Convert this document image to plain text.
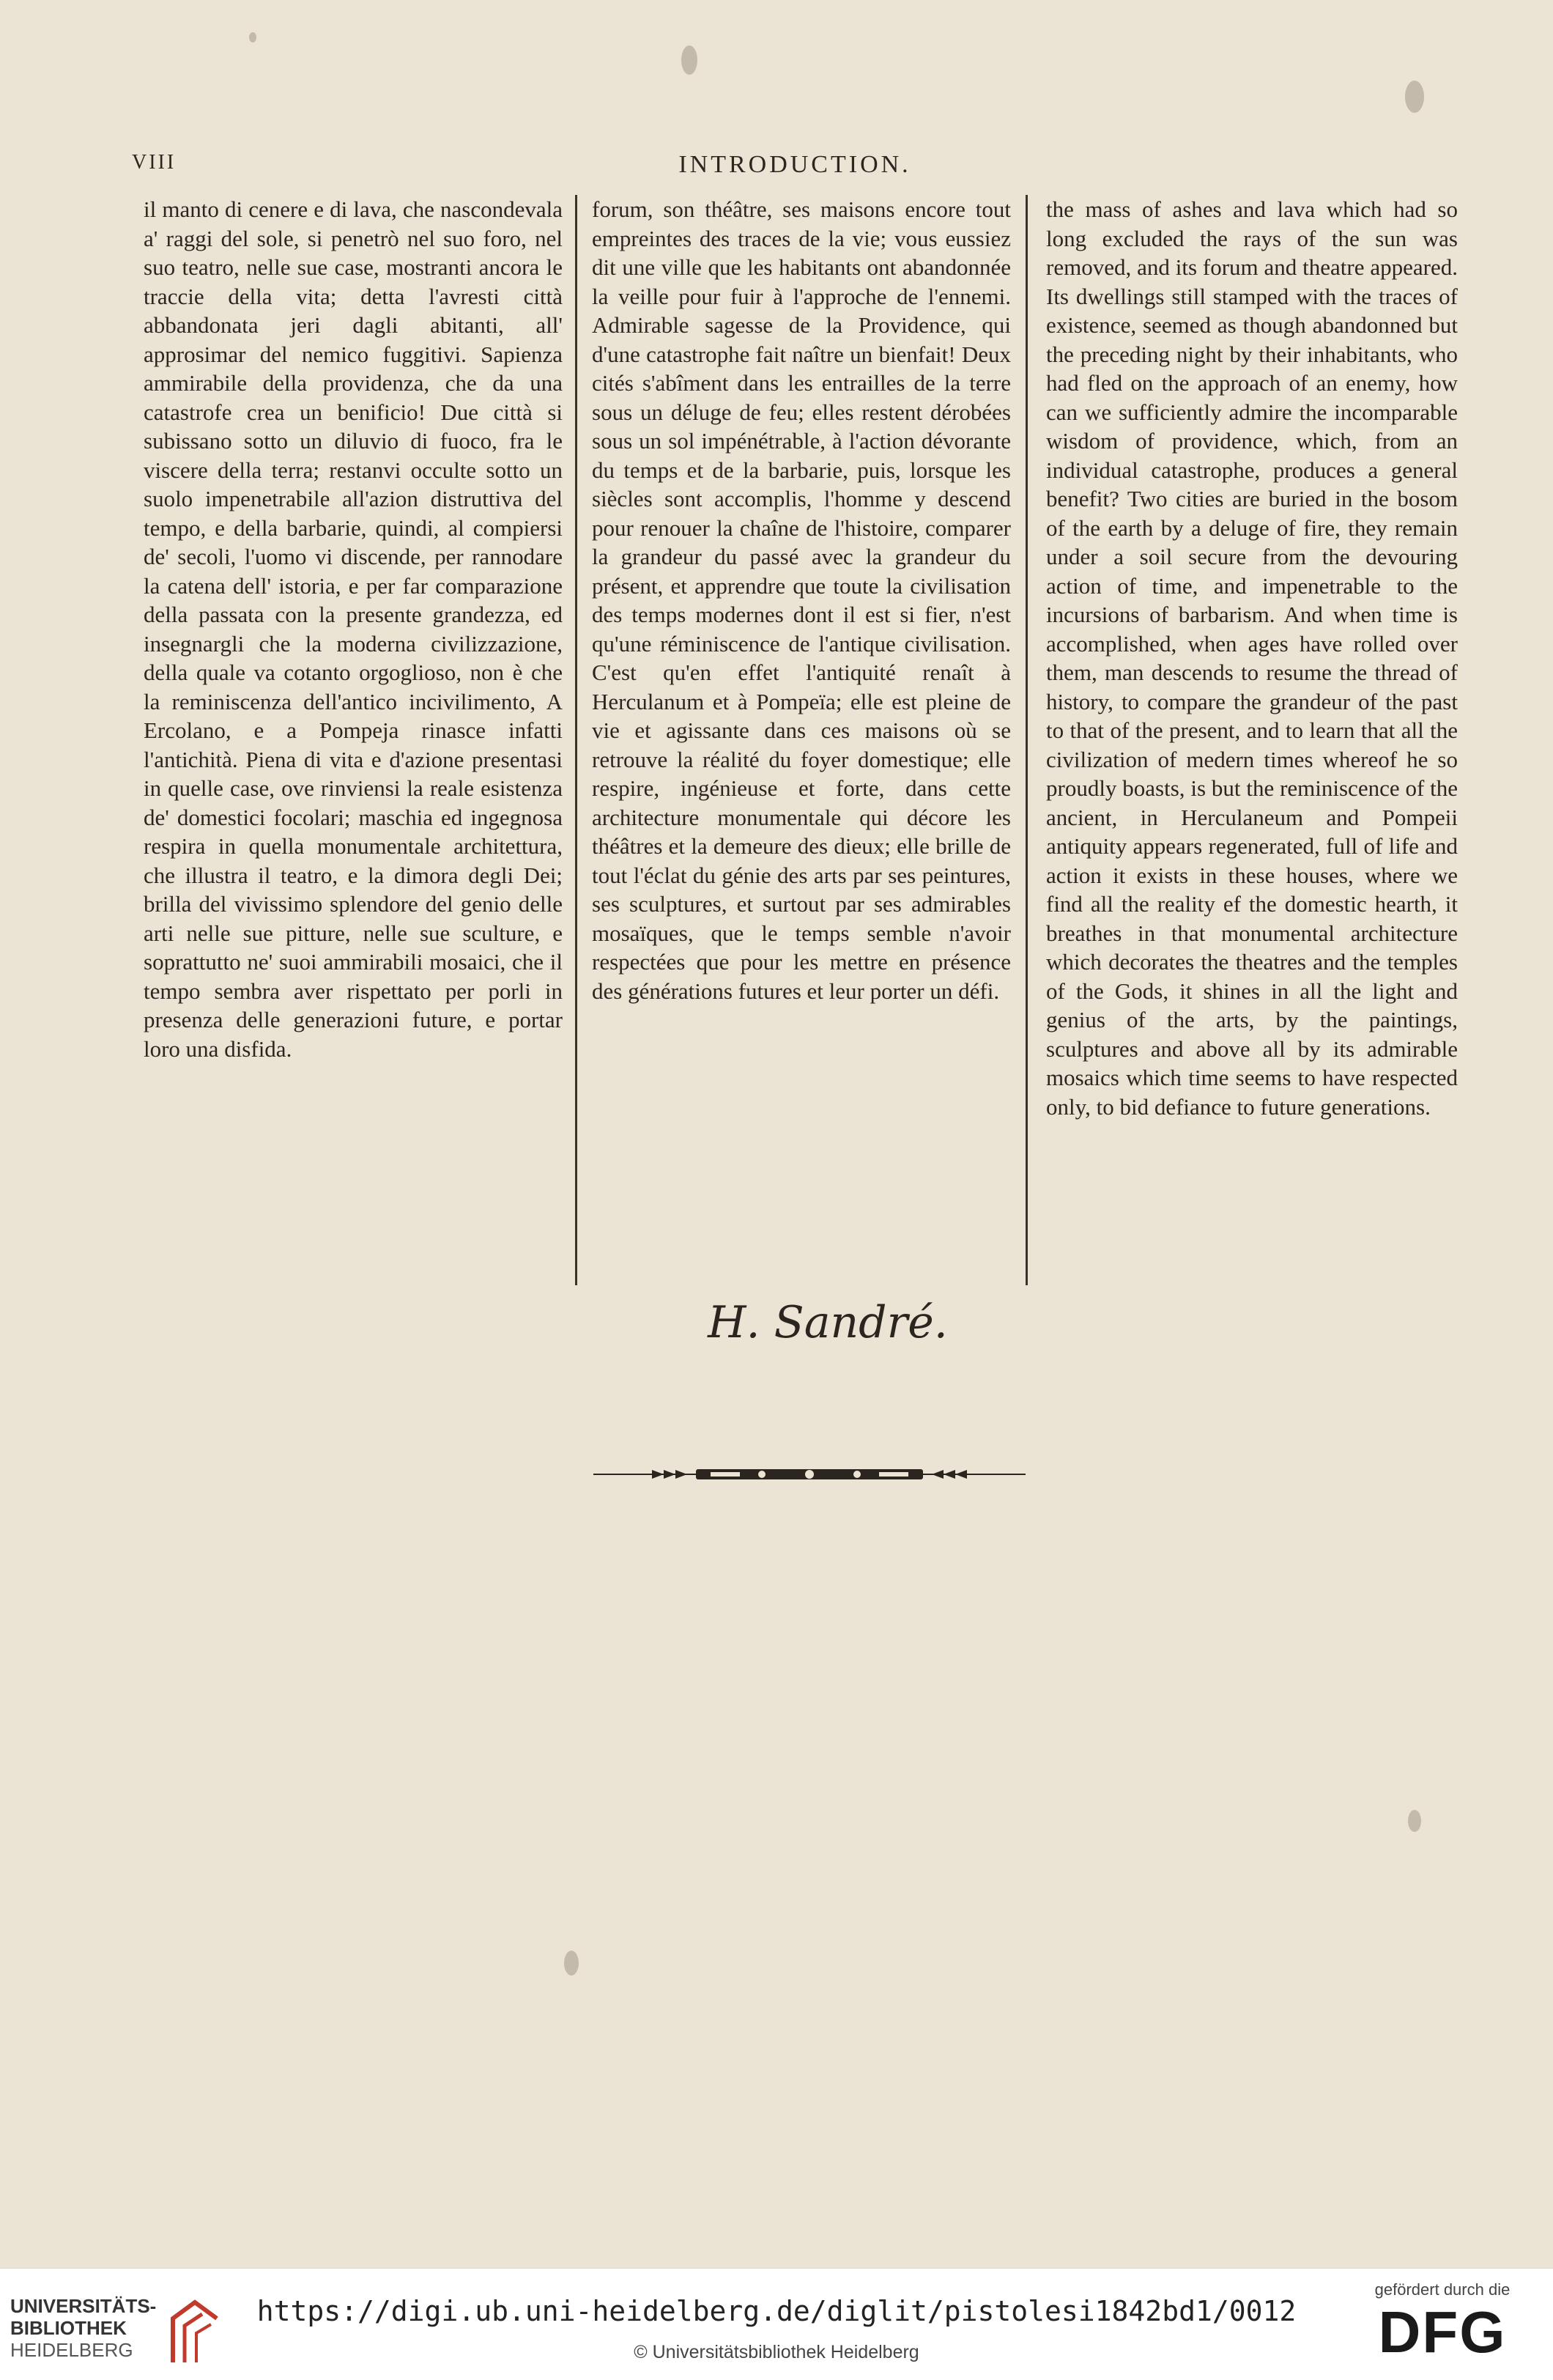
VIII	INTRODUCTION.

il manto di cenere e di lava, che nascondevala a' raggi del sole, si penetrò nel suo foro, nel suo teatro, nelle sue case, mostranti ancora le traccie della vita; detta l'avresti città abbandonata jeri dagli abitanti, all' approsimar del nemico fuggitivi. Sapienza ammirabile della providenza, che da una catastrofe crea un benificio! Due città si subissano sotto un diluvio di fuoco, fra le viscere della terra; restanvi occulte sotto un suolo impenetrabile all'azion distruttiva del tempo, e della barbarie, quindi, al compiersi de' secoli, l'uomo vi discende, per rannodare la catena dell' istoria, e per far comparazione della passata con la presente grandezza, ed insegnargli che la moderna civilizzazione, della quale va cotanto orgoglioso, non è che la reminiscenza dell'antico incivilimento, A Ercolano, e a Pompeja rinasce infatti l'antichità. Piena di vita e d'azione presentasi in quelle case, ove rinviensi la reale esistenza de' domestici focolari; maschia ed ingegnosa respira in quella monumentale architettura, che illustra il teatro, e la dimora degli Dei; brilla del vivissimo splendore del genio delle arti nelle sue pitture, nelle sue sculture, e soprattutto ne' suoi ammirabili mosaici, che il tempo sembra aver rispettato per porli in presenza delle generazioni future, e portar loro una disfida.

forum, son théâtre, ses maisons encore tout empreintes des traces de la vie; vous eussiez dit une ville que les habitants ont abandonnée la veille pour fuir à l'approche de l'ennemi. Admirable sagesse de la Providence, qui d'une catastrophe fait naître un bienfait! Deux cités s'abîment dans les entrailles de la terre sous un déluge de feu; elles restent dérobées sous un sol impénétrable, à l'action dévorante du temps et de la barbarie, puis, lorsque les siècles sont accomplis, l'homme y descend pour renouer la chaîne de l'histoire, comparer la grandeur du passé avec la grandeur du présent, et apprendre que toute la civilisation des temps modernes dont il est si fier, n'est qu'une réminiscence de l'antique civilisation. C'est qu'en effet l'antiquité renaît à Herculanum et à Pompeïa; elle est pleine de vie et agissante dans ces maisons où se retrouve la réalité du foyer domestique; elle respire, ingénieuse et forte, dans cette architecture monumentale qui décore les théâtres et la demeure des dieux; elle brille de tout l'éclat du génie des arts par ses peintures, ses sculptures, et surtout par ses admirables mosaïques, que le temps semble n'avoir respectées que pour les mettre en présence des générations futures et leur porter un défi.

the mass of ashes and lava which had so long excluded the rays of the sun was removed, and its forum and theatre appeared. Its dwellings still stamped with the traces of existence, seemed as though abandonned but the preceding night by their inhabitants, who had fled on the approach of an enemy, how can we sufficiently admire the incomparable wisdom of providence, which, from an individual catastrophe, produces a general benefit? Two cities are buried in the bosom of the earth by a deluge of fire, they remain under a soil secure from the devouring action of time, and impenetrable to the incursions of barbarism. And when time is accomplished, when ages have rolled over them, man descends to resume the thread of history, to compare the grandeur of the past to that of the present, and to learn that all the civilization of medern times whereof he so proudly boasts, is but the reminiscence of the ancient, in Herculaneum and Pompeii antiquity appears regenerated, full of life and action it exists in these houses, where we find all the reality ef the domestic hearth, it breathes in that monumental architecture which decorates the theatres and the temples of the Gods, it shines in all the light and genius of the arts, by the paintings, sculptures and above all by its admirable mosaics which time seems to have respected only, to bid defiance to future generations.

H. Sandré.
UNIVERSITÄTS-
BIBLIOTHEK
HEIDELBERG
https://digi.ub.uni-heidelberg.de/diglit/pistolesi1842bd1/0012
© Universitätsbibliothek Heidelberg
gefördert durch die
DFG
